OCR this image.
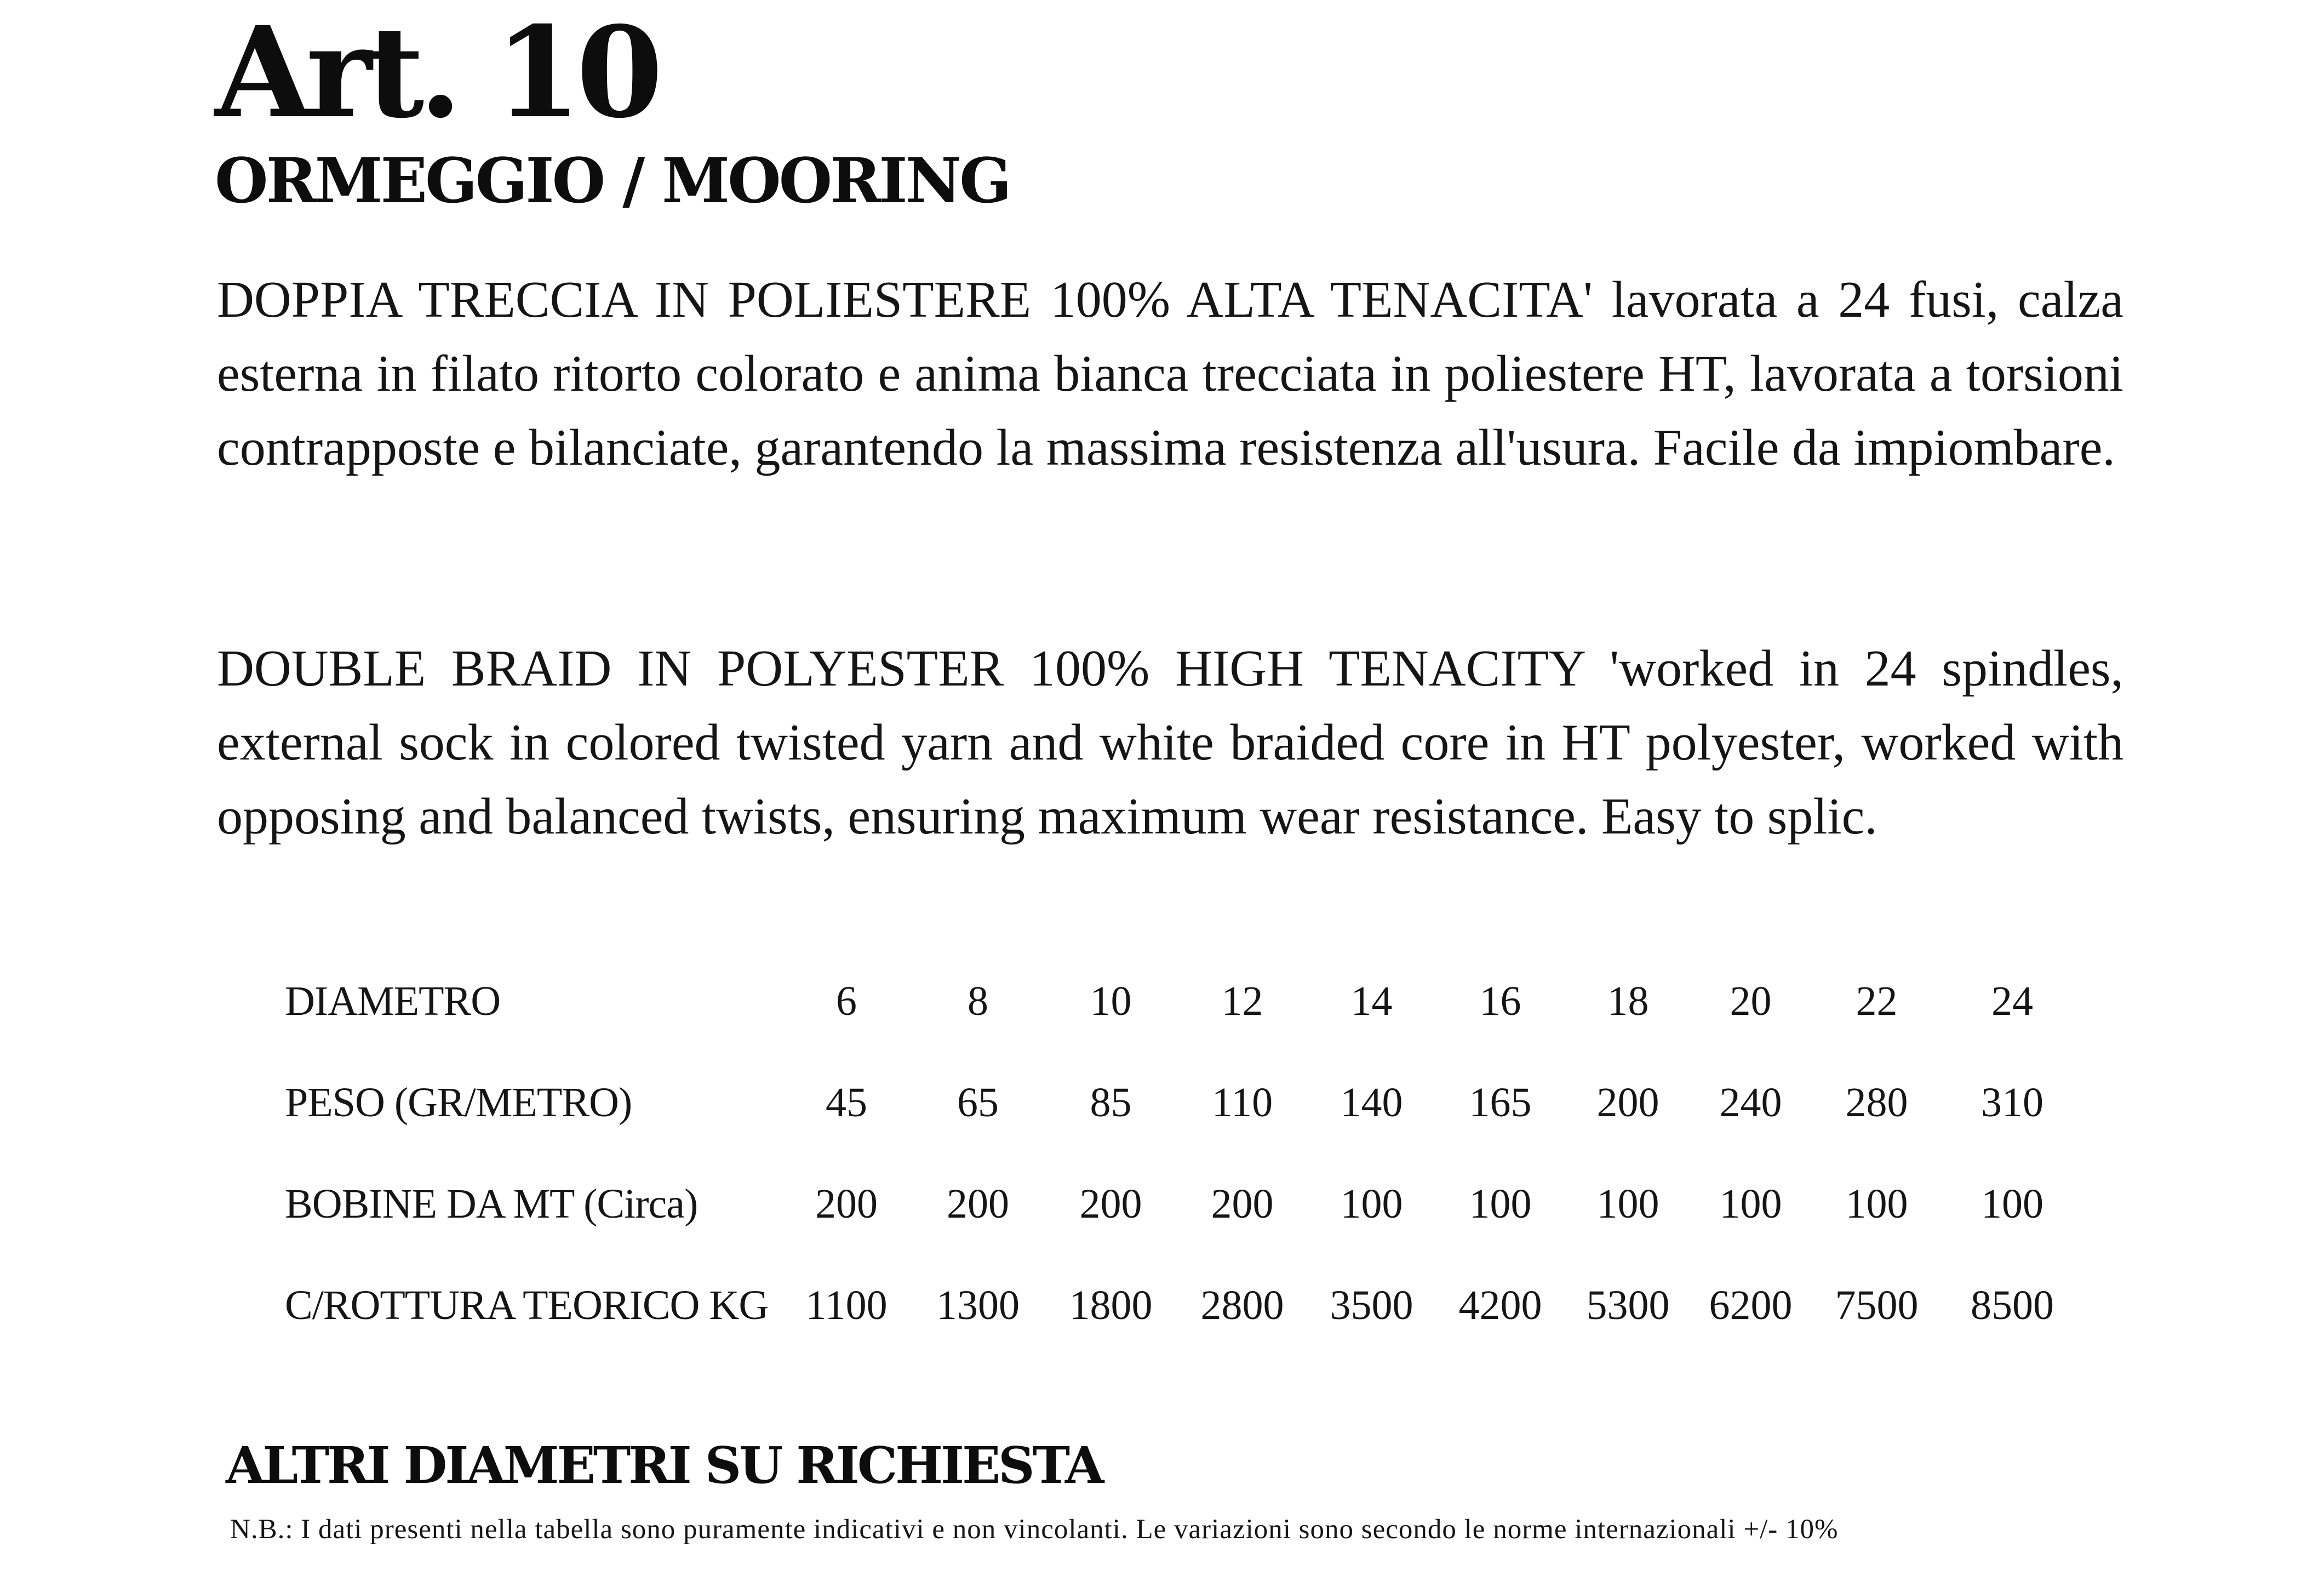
Art. 10
ORMEGGIO / MOORING

DOPPIA TRECCIA IN POLIESTERE 100% ALTA TENACITA' lavorata a 24 fusi, calza esterna in filato ritorto colorato e anima bianca trecciata in poliestere HT, lavorata a torsioni contrapposte e bilanciate, garantendo la massima resistenza all'usura. Facile da impiombare.

DOUBLE BRAID IN POLYESTER 100% HIGH TENACITY 'worked in 24 spindles, external sock in colored twisted yarn and white braided core in HT polyester, worked with opposing and balanced twists, ensuring maximum wear resistance. Easy to splic.

DIAMETRO	6	8	10	12	14	16	18	20	22	24
PESO (GR/METRO)	45	65	85	110	140	165	200	240	280	310
BOBINE DA MT (Circa)	200	200	200	200	100	100	100	100	100	100
C/ROTTURA TEORICO KG	1100	1300	1800	2800	3500	4200	5300	6200	7500	8500
ALTRI DIAMETRI SU RICHIESTA

N.B.: I dati presenti nella tabella sono puramente indicativi e non vincolanti. Le variazioni sono secondo le norme internazionali +/- 10%
